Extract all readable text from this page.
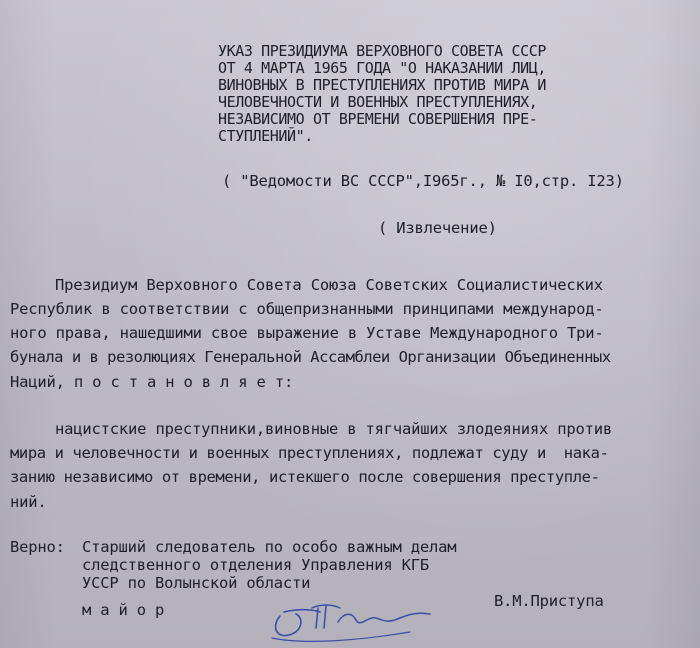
УКАЗ ПРЕЗИДИУМА ВЕРХОВНОГО СОВЕТА СССР
ОТ 4 МАРТА 1965 ГОДА "О НАКАЗАНИИ ЛИЦ,
ВИНОВНЫХ В ПРЕСТУПЛЕНИЯХ ПРОТИВ МИРА И
ЧЕЛОВЕЧНОСТИ И ВОЕННЫХ ПРЕСТУПЛЕНИЯХ,
НЕЗАВИСИМО ОТ ВРЕМЕНИ СОВЕРШЕНИЯ ПРЕ-
СТУПЛЕНИЙ".
( "Ведомости ВС СССР",I965г., № I0,стр. I23)
( Извлечение)
Президиум Верховного Совета Союза Советских Социалистических
Республик в соответствии с общепризнанными принципами международ-
ного права, нашедшими свое выражение в Уставе Международного Три-
бунала и в резолюциях Генеральной Ассамблеи Организации Объединенных
Наций, п о с т а н о в л я е т:
нацистские преступники,виновные в тягчайших злодеяниях против
мира и человечности и военных преступлениях, подлежат суду и  нака-
занию независимо от времени, истекшего после совершения преступле-
ний.
Верно: Старший следователь по особо важным делам
следственного отделения Управления КГБ
УССР по Волынской области
м а й о р	В.М.Приступа
